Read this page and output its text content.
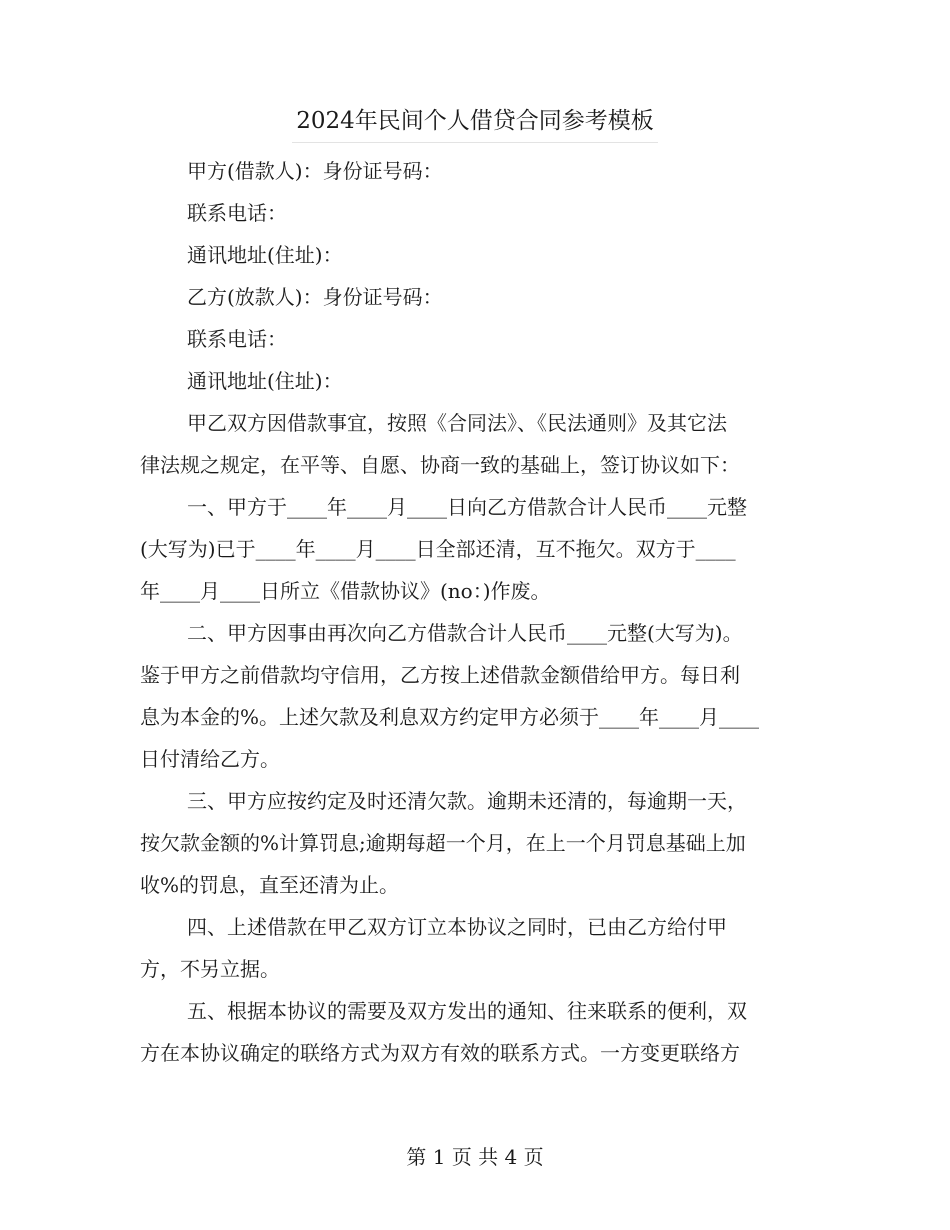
2024年民间个人借贷合同参考模板
甲方(借款人)：身份证号码：
联系电话：
通讯地址(住址)：
乙方(放款人)：身份证号码：
联系电话：
通讯地址(住址)：
甲乙双方因借款事宜，按照《合同法》、《民法通则》及其它法
律法规之规定，在平等、自愿、协商一致的基础上，签订协议如下：
一、甲方于____年____月____日向乙方借款合计人民币____元整
(大写为)已于____年____月____日全部还清，互不拖欠。双方于____
年____月____日所立《借款协议》(no：)作废。
二、甲方因事由再次向乙方借款合计人民币____元整(大写为)。
鉴于甲方之前借款均守信用，乙方按上述借款金额借给甲方。每日利
息为本金的%。上述欠款及利息双方约定甲方必须于____年____月____
日付清给乙方。
三、甲方应按约定及时还清欠款。逾期未还清的，每逾期一天，
按欠款金额的%计算罚息;逾期每超一个月，在上一个月罚息基础上加
收%的罚息，直至还清为止。
四、上述借款在甲乙双方订立本协议之同时，已由乙方给付甲
方，不另立据。
五、根据本协议的需要及双方发出的通知、往来联系的便利，双
方在本协议确定的联络方式为双方有效的联系方式。一方变更联络方
第 1 页 共 4 页
